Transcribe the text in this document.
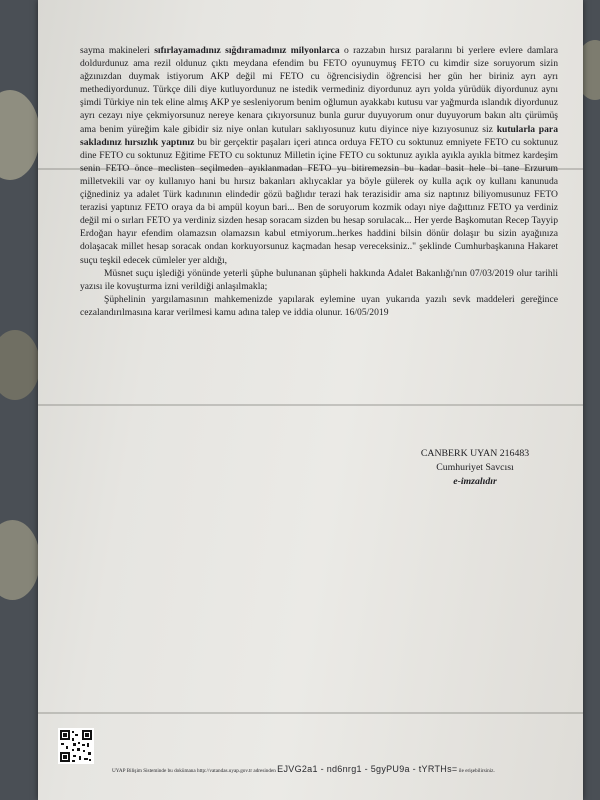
sayma makineleri sıfırlayamadınız sığdıramadınız milyonlarca o razzabın hırsız paralarını bi yerlere evlere damlara doldurdunuz ama rezil oldunuz çıktı meydana efendim bu FETO oyunuymuş FETO cu kimdir size soruyorum sizin ağzınızdan duymak istiyorum AKP değil mi FETO cu öğrencisiydin öğrencisi her gün her biriniz ayrı ayrı methediyordunuz. Türkçe dili diye kutluyordunuz ne istedik vermediniz diyordunuz ayrı yolda yürüdük diyordunuz aynı şimdi Türkiye nin tek eline almış AKP ye sesleniyorum benim oğlumun ayakkabı kutusu var yağmurda ıslandık diyordunuz ayrı cezayı niye çekmiyorsunuz nereye kenara çıkıyorsunuz bunla gurur duyuyorum onur duyuyorum bakın altı çürümüş ama benim yüreğim kale gibidir siz niye onlan kutuları saklıyosunuz kutu diyince niye kızıyosunuz siz kutularla para sakladınız hırsızlık yaptınız bu bir gerçektir paşaları içeri atınca orduya FETO cu soktunuz emniyete FETO cu soktunuz dine FETO cu soktunuz Eğitime FETO cu soktunuz Milletin içine FETO cu soktunuz ayıkla ayıkla ayıkla bitmez kardeşim senin FETO önce meclisten seçilmeden ayıklanmadan FETO yu bitiremezsin bu kadar basit hele bi tane Erzurum milletvekili var oy kullanıyo hani bu hırsız bakanları aklıycaklar ya böyle gülerek oy kulla açık oy kullanı kanunuda çiğnediniz ya adalet Türk kadınının elindedir gözü bağlıdır terazi hak terazisidir ama siz naptınız biliyomusunuz FETO terazisi yaptınız FETO oraya da bi ampül koyun bari... Ben de soruyorum kozmik odayı niye dağıttınız FETO ya verdiniz değil mi o sırları FETO ya verdiniz sizden hesap soracam sizden bu hesap sorulacak... Her yerde Başkomutan Recep Tayyip Erdoğan hayır efendim olamazsın olamazsın kabul etmiyorum..herkes haddini bilsin dönür dolaşır bu sizin ayağınıza dolaşacak millet hesap soracak ondan korkuyorsunuz kaçmadan hesap vereceksiniz.." şeklinde Cumhurbaşkanına Hakaret suçu teşkil edecek cümleler yer aldığı,

Müsnet suçu işlediği yönünde yeterli şüphe bulunanan şüpheli hakkında Adalet Bakanlığı'nın 07/03/2019 olur tarihli yazısı ile kovuşturma izni verildiği anlaşılmakla;

Şüphelinin yargılamasının mahkemenizde yapılarak eylemine uyan yukarıda yazılı sevk maddeleri gereğince cezalandırılmasına karar verilmesi kamu adına talep ve iddia olunur. 16/05/2019

CANBERK UYAN 216483
Cumhuriyet Savcısı
e-imzalıdır
UYAP Bilişim Sisteminde bu dokümana http://vatandas.uyap.gov.tr adresinden EJVG2a1 - nd6nrg1 - 5gyPU9a - tYRTHs= ile erişebilirsiniz.
